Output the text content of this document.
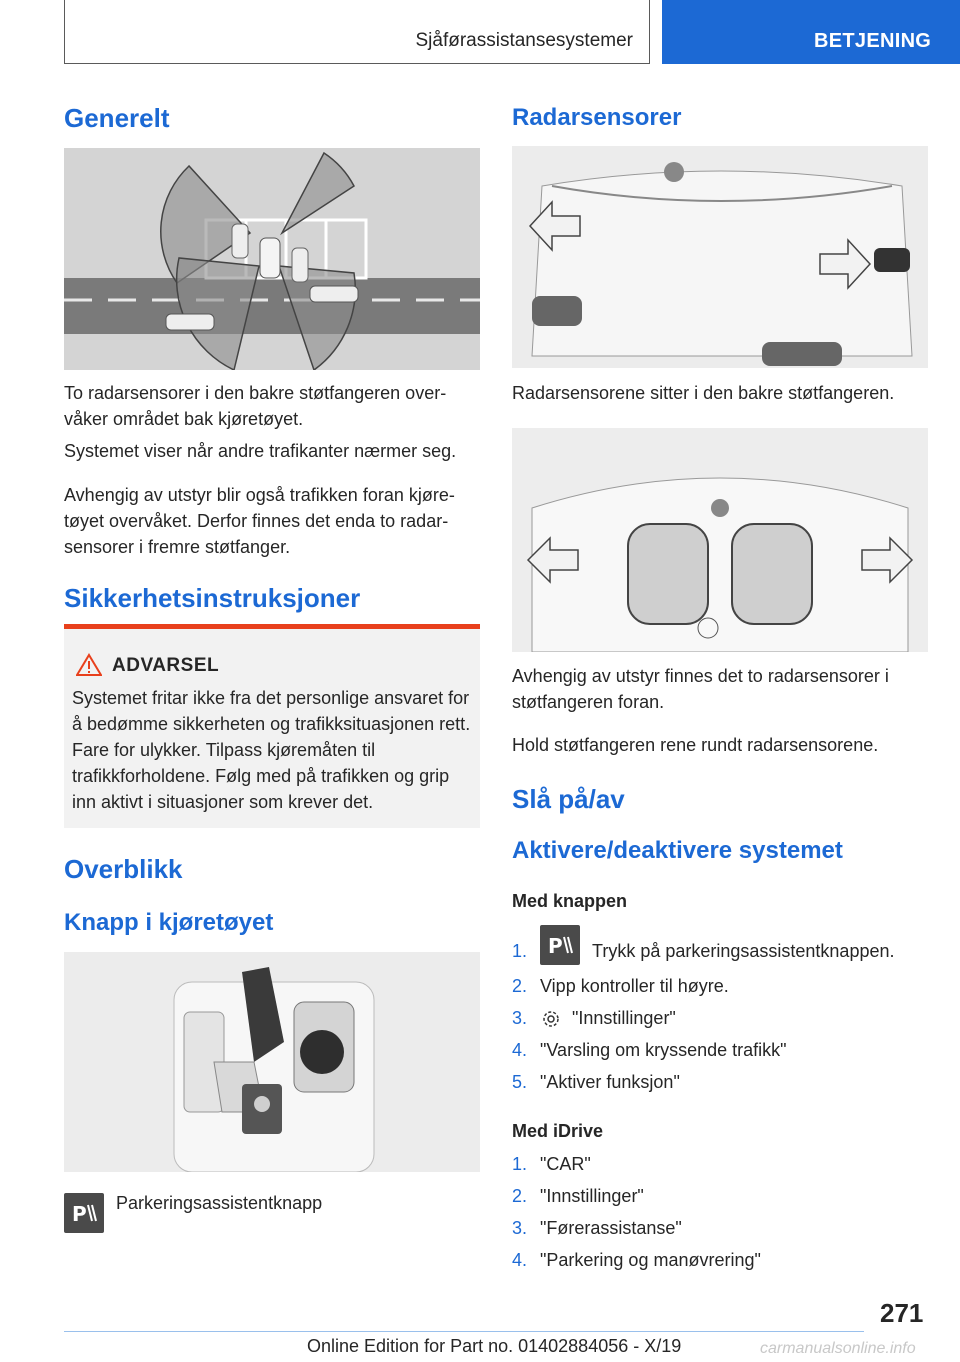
Sjåførassistansesystemer	BETJENING
Generelt

To radarsensorer i den bakre støtfangeren overvåker området bak kjøretøyet.

Systemet viser når andre trafikanter nærmer seg.

Avhengig av utstyr blir også trafikken foran kjøretøyet overvåket. Derfor finnes det enda to radarsensorer i fremre støtfanger.

Sikkerhetsinstruksjoner
ADVARSEL
Systemet fritar ikke fra det personlige ansvaret for å bedømme sikkerheten og trafikksituasjonen rett. Fare for ulykker. Tilpass kjøremåten til trafikkforholdene. Følg med på trafikken og grip inn aktivt i situasjoner som krever det.
Overblikk
Knapp i kjøretøyet
P Parkeringsassistentknapp
Radarsensorer

Radarsensorene sitter i den bakre støtfangeren.

Avhengig av utstyr finnes det to radarsensorer i støtfangeren foran.

Hold støtfangeren rene rundt radarsensorene.

Slå på/av
Aktivere/deaktivere systemet
Med knappen
1. P Trykk på parkeringsassistentknappen.
2. Vipp kontroller til høyre.
3. "Innstillinger"
4. "Varsling om kryssende trafikk"
5. "Aktiver funksjon"
Med iDrive
1. "CAR"
2. "Innstillinger"
3. "Førerassistanse"
4. "Parkering og manøvrering"
271
Online Edition for Part no. 01402884056 - X/19	carmanualsonline.info
